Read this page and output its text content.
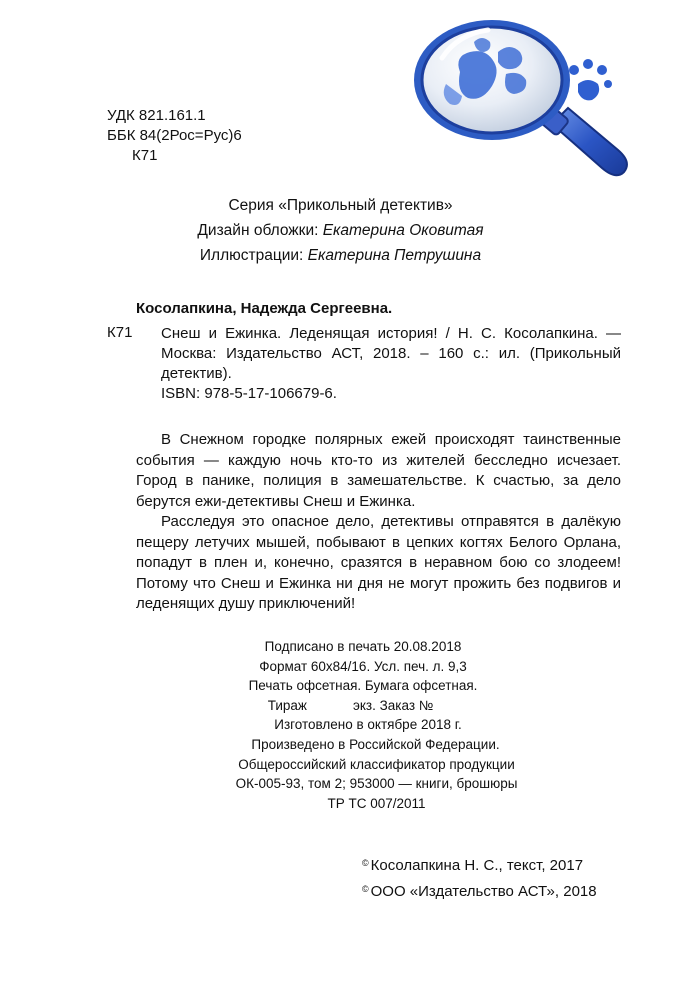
УДК 821.161.1
ББК 84(2Рос=Рус)6
К71
Серия «Прикольный детектив»
Дизайн обложки: Екатерина Оковитая
Иллюстрации: Екатерина Петрушина
Косолапкина, Надежда Сергеевна.
К71 Снеш и Ежинка. Леденящая история! / Н. С. Косолапкина. — Москва: Издательство АСТ, 2018. – 160 с.: ил. (Прикольный детектив).
ISBN: 978-5-17-106679-6.

В Снежном городке полярных ежей происходят таинственные события — каждую ночь кто-то из жителей бесследно исчезает. Город в панике, полиция в замешательстве. К счастью, за дело берутся ежи-детективы Снеш и Ежинка.

Расследуя это опасное дело, детективы отправятся в далёкую пещеру летучих мышей, побывают в цепких когтях Белого Орлана, попадут в плен и, конечно, сразятся в неравном бою со злодеем! Потому что Снеш и Ежинка ни дня не могут прожить без подвигов и леденящих душу приключений!

Подписано в печать 20.08.2018
Формат 60х84/16. Усл. печ. л. 9,3
Печать офсетная. Бумага офсетная.
Тираж	экз. Заказ №
Изготовлено в октябре 2018 г.
Произведено в Российской Федерации.
Общероссийский классификатор продукции
ОК-005-93, том 2; 953000 — книги, брошюры
ТР ТС 007/2011
© Косолапкина Н. С., текст, 2017
© ООО «Издательство АСТ», 2018
